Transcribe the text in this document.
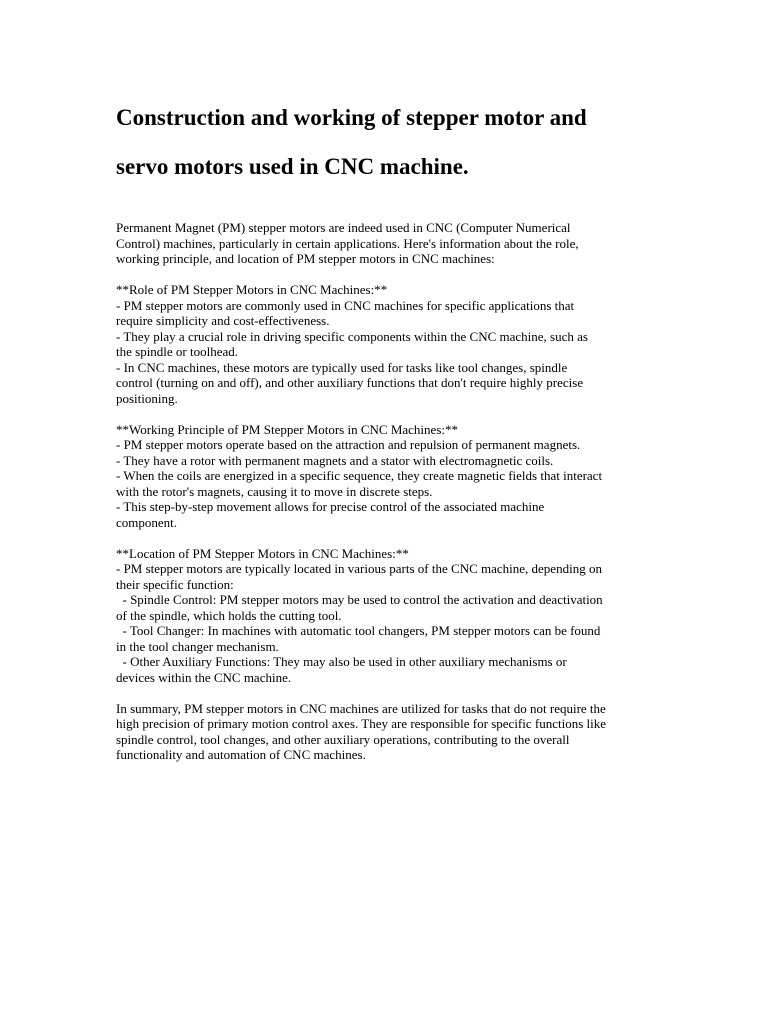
Construction and working of stepper motor and
servo motors used in CNC machine.

Permanent Magnet (PM) stepper motors are indeed used in CNC (Computer Numerical
Control) machines, particularly in certain applications. Here's information about the role,
working principle, and location of PM stepper motors in CNC machines:

**Role of PM Stepper Motors in CNC Machines:**
- PM stepper motors are commonly used in CNC machines for specific applications that
require simplicity and cost-effectiveness.
- They play a crucial role in driving specific components within the CNC machine, such as
the spindle or toolhead.
- In CNC machines, these motors are typically used for tasks like tool changes, spindle
control (turning on and off), and other auxiliary functions that don't require highly precise
positioning.

**Working Principle of PM Stepper Motors in CNC Machines:**
- PM stepper motors operate based on the attraction and repulsion of permanent magnets.
- They have a rotor with permanent magnets and a stator with electromagnetic coils.
- When the coils are energized in a specific sequence, they create magnetic fields that interact
with the rotor's magnets, causing it to move in discrete steps.
- This step-by-step movement allows for precise control of the associated machine
component.

**Location of PM Stepper Motors in CNC Machines:**
- PM stepper motors are typically located in various parts of the CNC machine, depending on
their specific function:
- Spindle Control: PM stepper motors may be used to control the activation and deactivation
of the spindle, which holds the cutting tool.
- Tool Changer: In machines with automatic tool changers, PM stepper motors can be found
in the tool changer mechanism.
- Other Auxiliary Functions: They may also be used in other auxiliary mechanisms or
devices within the CNC machine.

In summary, PM stepper motors in CNC machines are utilized for tasks that do not require the
high precision of primary motion control axes. They are responsible for specific functions like
spindle control, tool changes, and other auxiliary operations, contributing to the overall
functionality and automation of CNC machines.
